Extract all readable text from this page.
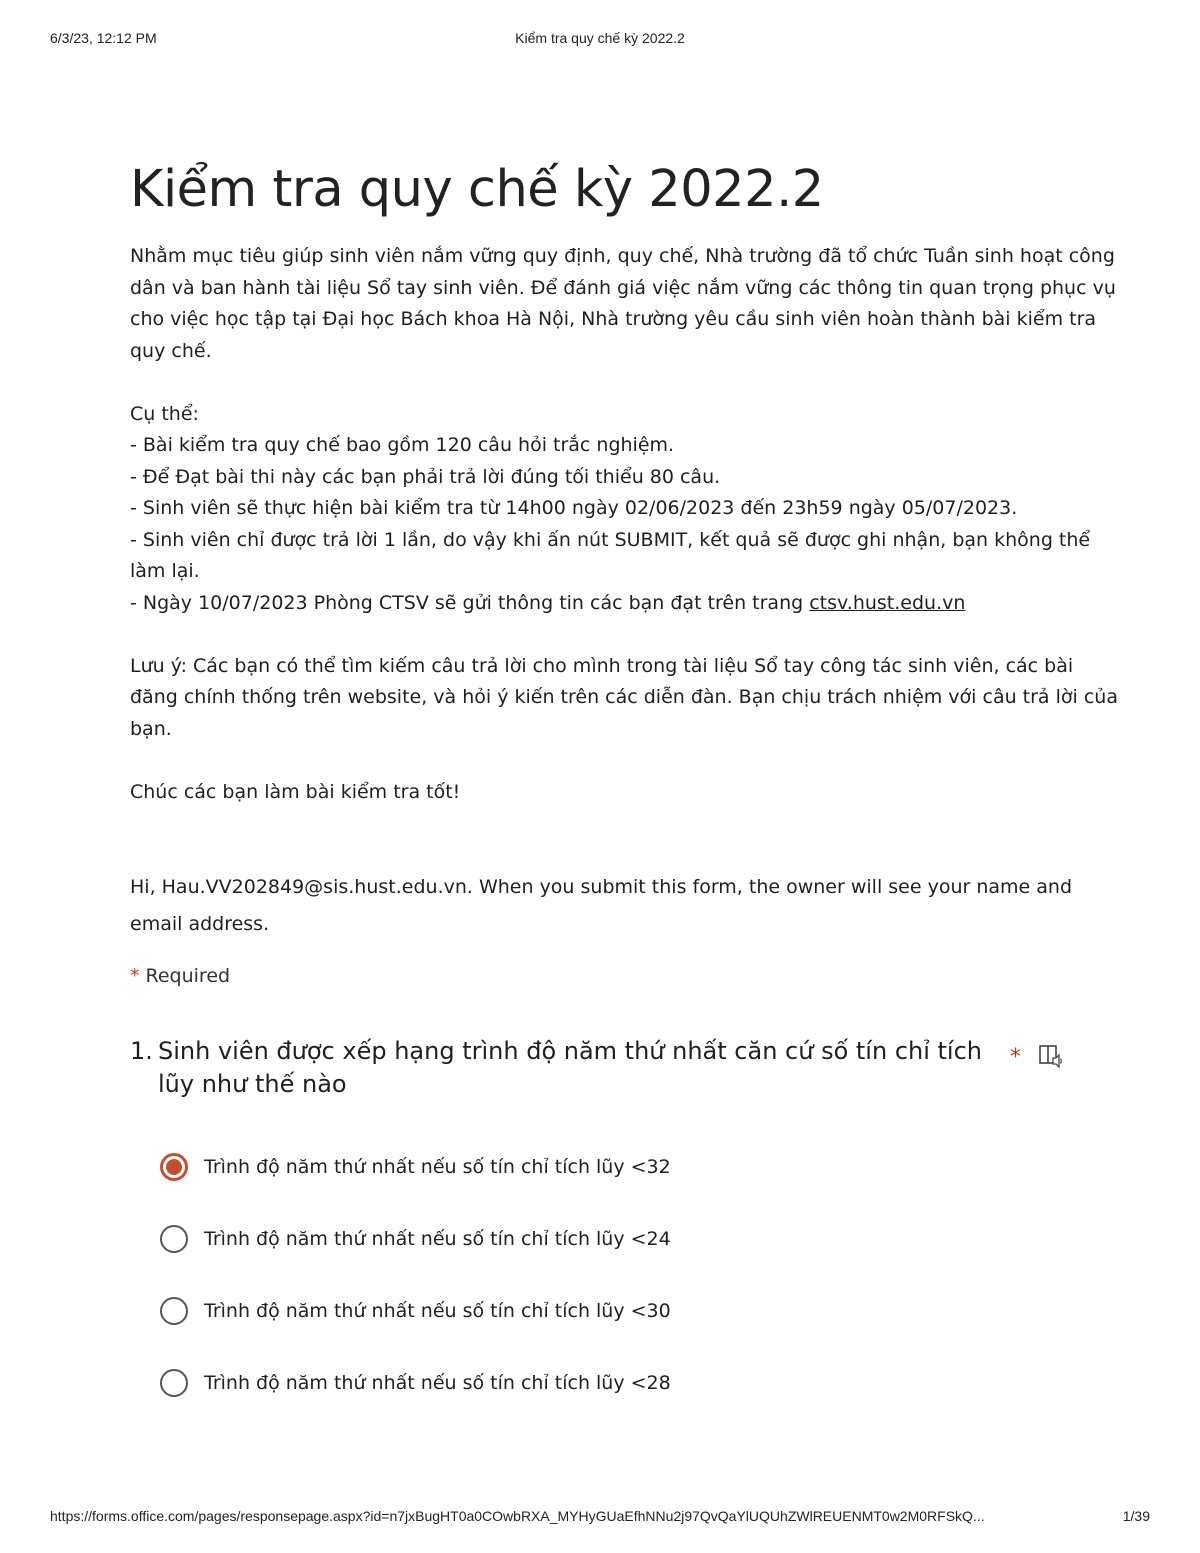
6/3/23, 12:12 PM	Kiểm tra quy chế kỳ 2022.2
Kiểm tra quy chế kỳ 2022.2

Nhằm mục tiêu giúp sinh viên nắm vững quy định, quy chế, Nhà trường đã tổ chức Tuần sinh hoạt công dân và ban hành tài liệu Sổ tay sinh viên. Để đánh giá việc nắm vững các thông tin quan trọng phục vụ cho việc học tập tại Đại học Bách khoa Hà Nội, Nhà trường yêu cầu sinh viên hoàn thành bài kiểm tra quy chế.

Cụ thể:

- Bài kiểm tra quy chế bao gồm 120 câu hỏi trắc nghiệm.

- Để Đạt bài thi này các bạn phải trả lời đúng tối thiểu 80 câu.

- Sinh viên sẽ thực hiện bài kiểm tra từ 14h00 ngày 02/06/2023 đến 23h59 ngày 05/07/2023.

- Sinh viên chỉ được trả lời 1 lần, do vậy khi ấn nút SUBMIT, kết quả sẽ được ghi nhận, bạn không thể làm lại.

- Ngày 10/07/2023 Phòng CTSV sẽ gửi thông tin các bạn đạt trên trang ctsv.hust.edu.vn

Lưu ý: Các bạn có thể tìm kiếm câu trả lời cho mình trong tài liệu Sổ tay công tác sinh viên, các bài đăng chính thống trên website, và hỏi ý kiến trên các diễn đàn. Bạn chịu trách nhiệm với câu trả lời của bạn.

Chúc các bạn làm bài kiểm tra tốt!

Hi, Hau.VV202849@sis.hust.edu.vn. When you submit this form, the owner will see your name and email address.
* Required
1. Sinh viên được xếp hạng trình độ năm thứ nhất căn cứ số tín chỉ tích lũy như thế nào
*
Trình độ năm thứ nhất nếu số tín chỉ tích lũy <32
Trình độ năm thứ nhất nếu số tín chỉ tích lũy <24
Trình độ năm thứ nhất nếu số tín chỉ tích lũy <30
Trình độ năm thứ nhất nếu số tín chỉ tích lũy <28
https://forms.office.com/pages/responsepage.aspx?id=n7jxBugHT0a0COwbRXA_MYHyGUaEfhNNu2j97QvQaYlUQUhZWlREUENMT0w2M0RFSkQ...	1/39
